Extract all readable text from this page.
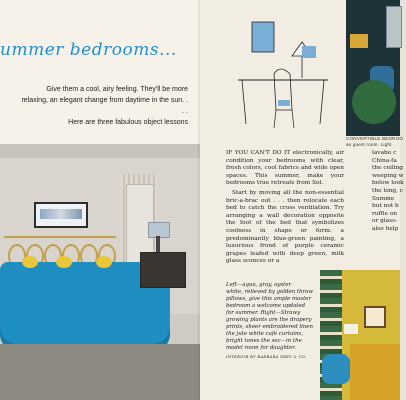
ummer bedrooms...
Give them a cool, airy feeling. They'll be more
relaxing, an elegant change from daytime in the sun. . . .
Here are three fabulous object lessons
CONVERTIBLE BEDROO
as guest room. Light
IF YOU CAN'T DO IT electronically, air condition your bedrooms with clear, fresh colors, cool fabrics and wide open spaces. This summer, make your bedrooms true retreats from Sol.
Start by moving all the non-essential bric-a-brac out . . . then relocate each bed to catch the cross ventilation. Try arranging a wall decoration opposite the foot of the bed that symbolizes coolness in shape or form: a predominantly blue-green painting, a luxurious frond of purple ceramic grapes leafed with deep green, milk glass sconces or a
lavabo c
China-fa
the ceiling
weeping w
below look
the long, c
Summe
but not b
ruffle on
or glass-
also help
Left—aqua, gray, oyster
white, relieved by golden throw
pillows, give this ample master
bedroom a welcome updated
for summer. Right—Strawy
growing plants are the drapery
prints, sheer embroidered linen
the jute white café curtains,
bright tones the sec—in the
model room for daughter.
INTERIOR BY BARBARA FREY & CO.
